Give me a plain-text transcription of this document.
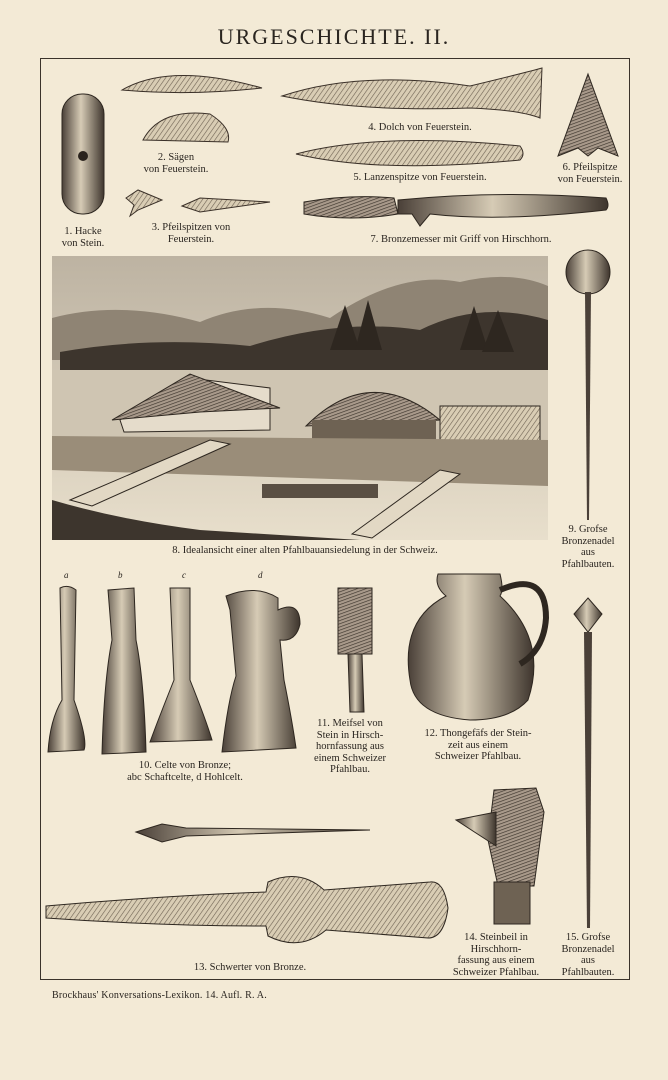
URGESCHICHTE. II.
1. Hacke
von Stein.
2. Sägen
von Feuerstein.
3. Pfeilspitzen von
Feuerstein.
4. Dolch von Feuerstein.
5. Lanzenspitze von Feuerstein.
6. Pfeilspitze
von Feuerstein.
7. Bronzemesser mit Griff von Hirschhorn.
8. Idealansicht einer alten Pfahlbauansiedelung in der Schweiz.
9. Grofse
Bronzenadel
aus
Pfahlbauten.
10. Celte von Bronze;
abc Schaftcelte, d Hohlcelt.
11. Meifsel von
Stein in Hirsch-
hornfassung aus
einem Schweizer
Pfahlbau.
12. Thongefäfs der Stein-
zeit aus einem
Schweizer Pfahlbau.
13. Schwerter von Bronze.
14. Steinbeil in
Hirschhorn-
fassung aus einem
Schweizer Pfahlbau.
15. Grofse
Bronzenadel
aus
Pfahlbauten.
a	b	c	d
Brockhaus' Konversations-Lexikon. 14. Aufl. R. A.
